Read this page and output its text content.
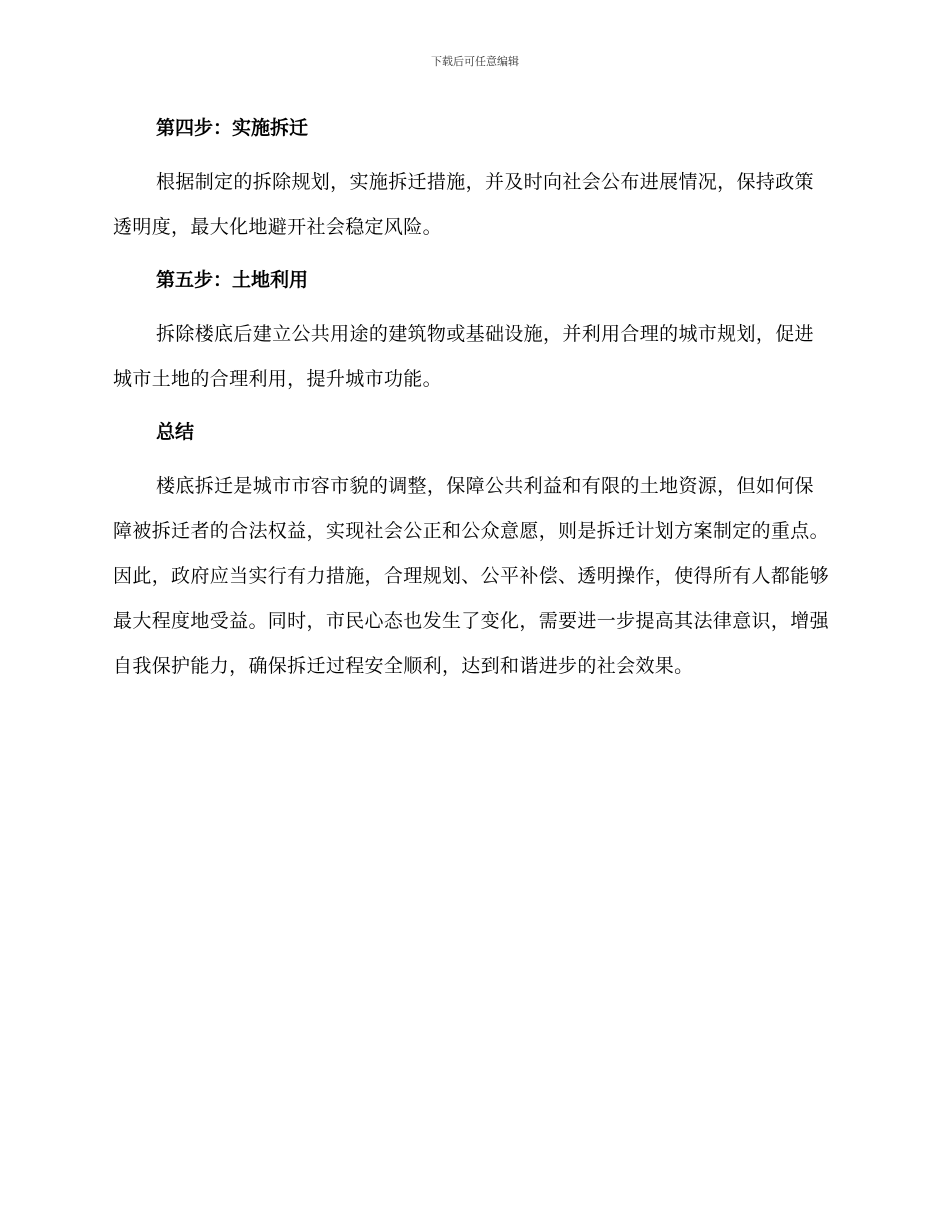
下载后可任意编辑
第四步：实施拆迁

根据制定的拆除规划，实施拆迁措施，并及时向社会公布进展情况，保持政策透明度，最大化地避开社会稳定风险。

第五步：土地利用

拆除楼底后建立公共用途的建筑物或基础设施，并利用合理的城市规划，促进城市土地的合理利用，提升城市功能。

总结

楼底拆迁是城市市容市貌的调整，保障公共利益和有限的土地资源，但如何保障被拆迁者的合法权益，实现社会公正和公众意愿，则是拆迁计划方案制定的重点。因此，政府应当实行有力措施，合理规划、公平补偿、透明操作，使得所有人都能够最大程度地受益。同时，市民心态也发生了变化，需要进一步提高其法律意识，增强自我保护能力，确保拆迁过程安全顺利，达到和谐进步的社会效果。
